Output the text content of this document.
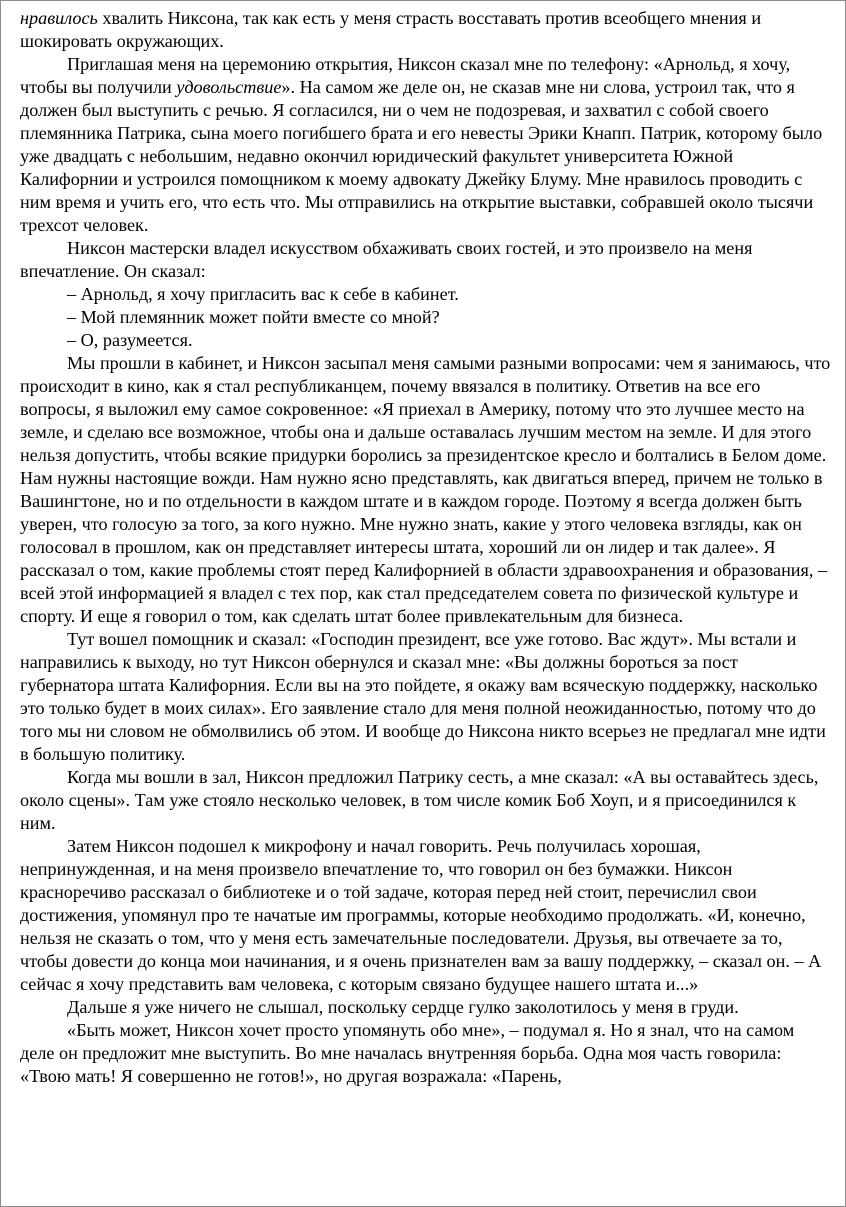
нравилось хвалить Никсона, так как есть у меня страсть восставать против всеобщего мнения и шокировать окружающих.

Приглашая меня на церемонию открытия, Никсон сказал мне по телефону: «Арнольд, я хочу, чтобы вы получили удовольствие». На самом же деле он, не сказав мне ни слова, устроил так, что я должен был выступить с речью. Я согласился, ни о чем не подозревая, и захватил с собой своего племянника Патрика, сына моего погибшего брата и его невесты Эрики Кнапп. Патрик, которому было уже двадцать с небольшим, недавно окончил юридический факультет университета Южной Калифорнии и устроился помощником к моему адвокату Джейку Блуму. Мне нравилось проводить с ним время и учить его, что есть что. Мы отправились на открытие выставки, собравшей около тысячи трехсот человек.

Никсон мастерски владел искусством обхаживать своих гостей, и это произвело на меня впечатление. Он сказал:

– Арнольд, я хочу пригласить вас к себе в кабинет.

– Мой племянник может пойти вместе со мной?

– О, разумеется.

Мы прошли в кабинет, и Никсон засыпал меня самыми разными вопросами: чем я занимаюсь, что происходит в кино, как я стал республиканцем, почему ввязался в политику. Ответив на все его вопросы, я выложил ему самое сокровенное: «Я приехал в Америку, потому что это лучшее место на земле, и сделаю все возможное, чтобы она и дальше оставалась лучшим местом на земле. И для этого нельзя допустить, чтобы всякие придурки боролись за президентское кресло и болтались в Белом доме. Нам нужны настоящие вожди. Нам нужно ясно представлять, как двигаться вперед, причем не только в Вашингтоне, но и по отдельности в каждом штате и в каждом городе. Поэтому я всегда должен быть уверен, что голосую за того, за кого нужно. Мне нужно знать, какие у этого человека взгляды, как он голосовал в прошлом, как он представляет интересы штата, хороший ли он лидер и так далее». Я рассказал о том, какие проблемы стоят перед Калифорнией в области здравоохранения и образования, – всей этой информацией я владел с тех пор, как стал председателем совета по физической культуре и спорту. И еще я говорил о том, как сделать штат более привлекательным для бизнеса.

Тут вошел помощник и сказал: «Господин президент, все уже готово. Вас ждут». Мы встали и направились к выходу, но тут Никсон обернулся и сказал мне: «Вы должны бороться за пост губернатора штата Калифорния. Если вы на это пойдете, я окажу вам всяческую поддержку, насколько это только будет в моих силах». Его заявление стало для меня полной неожиданностью, потому что до того мы ни словом не обмолвились об этом. И вообще до Никсона никто всерьез не предлагал мне идти в большую политику.

Когда мы вошли в зал, Никсон предложил Патрику сесть, а мне сказал: «А вы оставайтесь здесь, около сцены». Там уже стояло несколько человек, в том числе комик Боб Хоуп, и я присоединился к ним.

Затем Никсон подошел к микрофону и начал говорить. Речь получилась хорошая, непринужденная, и на меня произвело впечатление то, что говорил он без бумажки. Никсон красноречиво рассказал о библиотеке и о той задаче, которая перед ней стоит, перечислил свои достижения, упомянул про те начатые им программы, которые необходимо продолжать. «И, конечно, нельзя не сказать о том, что у меня есть замечательные последователи. Друзья, вы отвечаете за то, чтобы довести до конца мои начинания, и я очень признателен вам за вашу поддержку, – сказал он. – А сейчас я хочу представить вам человека, с которым связано будущее нашего штата и...»

Дальше я уже ничего не слышал, поскольку сердце гулко заколотилось у меня в груди.

«Быть может, Никсон хочет просто упомянуть обо мне», – подумал я. Но я знал, что на самом деле он предложит мне выступить. Во мне началась внутренняя борьба. Одна моя часть говорила: «Твою мать! Я совершенно не готов!», но другая возражала: «Парень,
